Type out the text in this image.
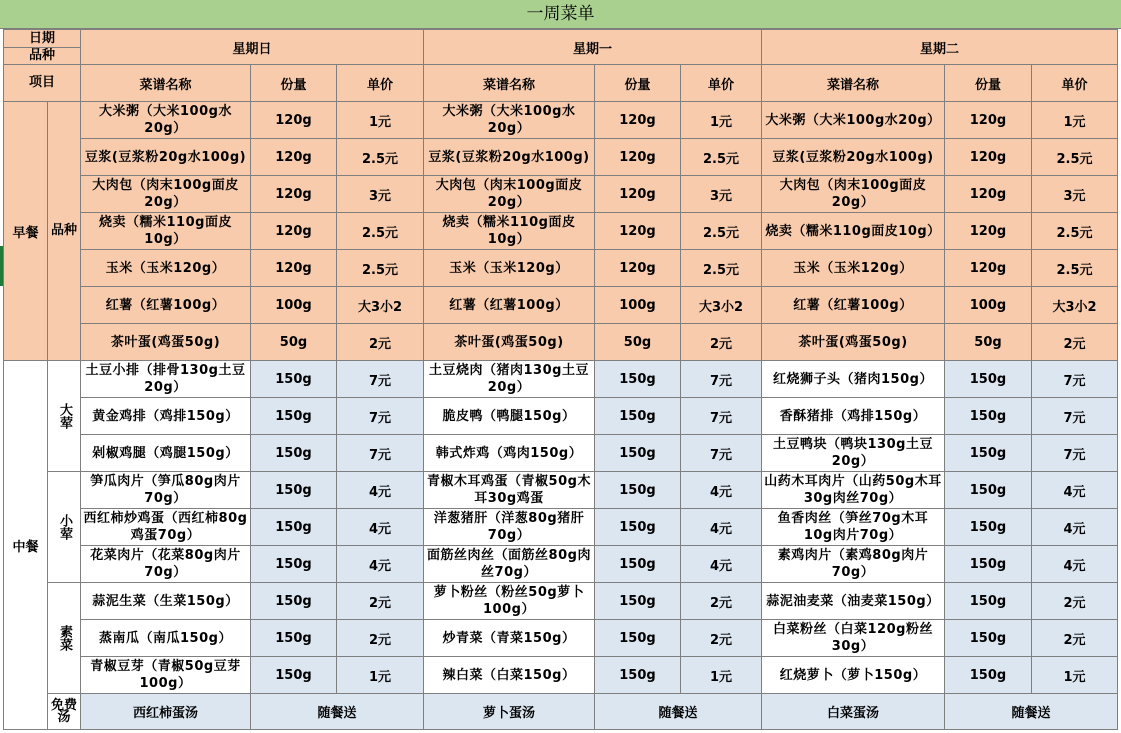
一周菜单
日期		星期日			星期一			星期二		
品种										
项目		菜谱名称	份量	单价	菜谱名称	份量	单价	菜谱名称	份量	单价
早餐	品种	大米粥（大米100g水20g）	120g	1元	大米粥（大米100g水20g）	120g	1元	大米粥（大米100g水20g）	120g	1元
		豆浆(豆浆粉20g水100g)	120g	2.5元	豆浆(豆浆粉20g水100g)	120g	2.5元	豆浆(豆浆粉20g水100g)	120g	2.5元
		大肉包（肉末100g面皮20g）	120g	3元	大肉包（肉末100g面皮20g）	120g	3元	大肉包（肉末100g面皮20g）	120g	3元
		烧卖（糯米110g面皮10g）	120g	2.5元	烧卖（糯米110g面皮10g）	120g	2.5元	烧卖（糯米110g面皮10g）	120g	2.5元
		玉米（玉米120g）	120g	2.5元	玉米（玉米120g）	120g	2.5元	玉米（玉米120g）	120g	2.5元
		红薯（红薯100g）	100g	大3小2	红薯（红薯100g）	100g	大3小2	红薯（红薯100g）	100g	大3小2
		茶叶蛋(鸡蛋50g)	50g	2元	茶叶蛋(鸡蛋50g)	50g	2元	茶叶蛋(鸡蛋50g)	50g	2元
中餐	大荤	土豆小排（排骨130g土豆20g）	150g	7元	土豆烧肉（猪肉130g土豆20g）	150g	7元	红烧狮子头（猪肉150g）	150g	7元
		黄金鸡排（鸡排150g）	150g	7元	脆皮鸭（鸭腿150g）	150g	7元	香酥猪排（鸡排150g）	150g	7元
		剁椒鸡腿（鸡腿150g）	150g	7元	韩式炸鸡（鸡肉150g）	150g	7元	土豆鸭块（鸭块130g土豆20g）	150g	7元
	小荤	笋瓜肉片（笋瓜80g肉片70g）	150g	4元	青椒木耳鸡蛋（青椒50g木耳30g鸡蛋	150g	4元	山药木耳肉片（山药50g木耳30g肉丝70g）	150g	4元
		西红柿炒鸡蛋（西红柿80g鸡蛋70g）	150g	4元	洋葱猪肝（洋葱80g猪肝70g）	150g	4元	鱼香肉丝（笋丝70g木耳10g肉片70g）	150g	4元
		花菜肉片（花菜80g肉片70g）	150g	4元	面筋丝肉丝（面筋丝80g肉丝70g）	150g	4元	素鸡肉片（素鸡80g肉片70g）	150g	4元
	素菜	蒜泥生菜（生菜150g）	150g	2元	萝卜粉丝（粉丝50g萝卜100g）	150g	2元	蒜泥油麦菜（油麦菜150g）	150g	2元
		蒸南瓜（南瓜150g）	150g	2元	炒青菜（青菜150g）	150g	2元	白菜粉丝（白菜120g粉丝30g）	150g	2元
		青椒豆芽（青椒50g豆芽100g）	150g	1元	辣白菜（白菜150g）	150g	1元	红烧萝卜（萝卜150g）	150g	1元
	免费汤	西红柿蛋汤	随餐送		萝卜蛋汤	随餐送		白菜蛋汤	随餐送	
